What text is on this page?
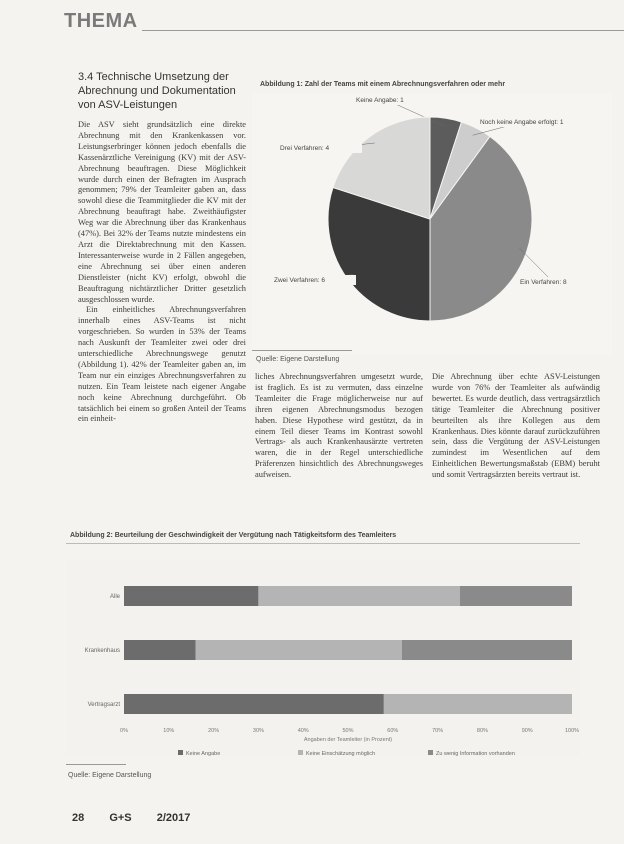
THEMA
3.4 Technische Umsetzung der Abrechnung und Dokumentation von ASV-Leistungen

Die ASV sieht grundsätzlich eine direkte Abrechnung mit den Krankenkassen vor. Leistungserbringer können jedoch ebenfalls die Kassenärztliche Vereinigung (KV) mit der ASV-Abrechnung beauftragen. Diese Möglichkeit wurde durch einen der Befragten im Ausprach genommen; 79% der Teamleiter gaben an, dass sowohl diese die Teammitglieder die KV mit der Abrechnung beauftragt habe. Zweithäufigster Weg war die Abrechnung über das Krankenhaus (47%). Bei 32% der Teams nutzte mindestens ein Arzt die Direktabrechnung mit den Kassen. Interessanterweise wurde in 2 Fällen angegeben, eine Abrechnung sei über einen anderen Dienstleister (nicht KV) erfolgt, obwohl die Beauftragung nichtärztlicher Dritter gesetzlich ausgeschlossen wurde.

Ein einheitliches Abrechnungsverfahren innerhalb eines ASV-Teams ist nicht vorgeschrieben. So wurden in 53% der Teams nach Auskunft der Teamleiter zwei oder drei unterschiedliche Abrechnungswege genutzt (Abbildung 1). 42% der Teamleiter gaben an, im Team nur ein einziges Abrechnungsverfahren zu nutzen. Ein Team leistete nach eigener Angabe noch keine Abrechnung durchgeführt. Ob tatsächlich bei einem so großen Anteil der Teams ein einheit-

liches Abrechnungsverfahren umgesetzt wurde, ist fraglich. Es ist zu vermuten, dass einzelne Teamleiter die Frage möglicherweise nur auf ihren eigenen Abrechnungsmodus bezogen haben. Diese Hypothese wird gestützt, da in einem Teil dieser Teams im Kontrast sowohl Vertrags- als auch Krankenhausärzte vertreten waren, die in der Regel unterschiedliche Präferenzen hinsichtlich des Abrechnungsweges aufweisen.

Die Abrechnung über echte ASV-Leistungen wurde von 76% der Teamleiter als aufwändig bewertet. Es wurde deutlich, dass vertragsärztlich tätige Teamleiter die Abrechnung positiver beurteilten als ihre Kollegen aus dem Krankenhaus. Dies könnte darauf zurückzuführen sein, dass die Vergütung der ASV-Leistungen zumindest im Wesentlichen auf dem Einheitlichen Bewertungsmaßstab (EBM) beruht und somit Vertragsärzten bereits vertraut ist.

Abbildung 1: Zahl der Teams mit einem Abrechnungsverfahren oder mehr
Keine Angabe: 1
Noch keine Angabe erfolgt: 1
Ein Verfahren: 8
Zwei Verfahren: 6
Drei Verfahren: 4
Quelle: Eigene Darstellung
Abbildung 2: Beurteilung der Geschwindigkeit der Vergütung nach Tätigkeitsform des Teamleiters
Alle
Krankenhaus
Vertragsarzt
0%	10%	20%	30%	40%	50%	60%	70%	80%	90%	100%
Angaben der Teamleiter (in Prozent)
Keine Angabe	Keine Einschätzung möglich	Zu wenig Information vorhanden
Quelle: Eigene Darstellung
28 G+S 2/2017
